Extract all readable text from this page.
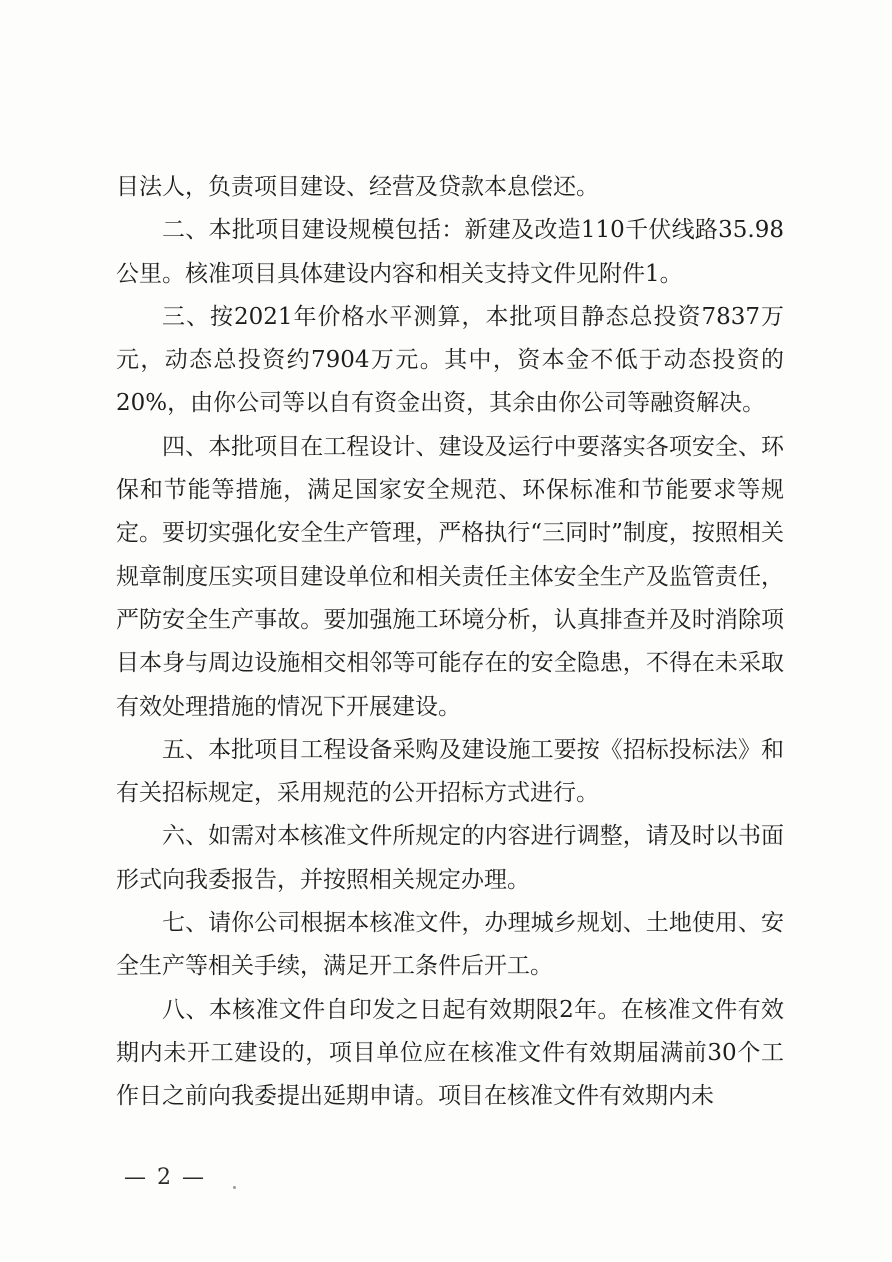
目法人，负责项目建设、经营及贷款本息偿还。

二、本批项目建设规模包括：新建及改造110千伏线路35.98公里。核准项目具体建设内容和相关支持文件见附件1。

三、按2021年价格水平测算，本批项目静态总投资7837万元，动态总投资约7904万元。其中，资本金不低于动态投资的20%，由你公司等以自有资金出资，其余由你公司等融资解决。

四、本批项目在工程设计、建设及运行中要落实各项安全、环保和节能等措施，满足国家安全规范、环保标准和节能要求等规定。要切实强化安全生产管理，严格执行“三同时”制度，按照相关规章制度压实项目建设单位和相关责任主体安全生产及监管责任，严防安全生产事故。要加强施工环境分析，认真排查并及时消除项目本身与周边设施相交相邻等可能存在的安全隐患，不得在未采取有效处理措施的情况下开展建设。

五、本批项目工程设备采购及建设施工要按《招标投标法》和有关招标规定，采用规范的公开招标方式进行。

六、如需对本核准文件所规定的内容进行调整，请及时以书面形式向我委报告，并按照相关规定办理。

七、请你公司根据本核准文件，办理城乡规划、土地使用、安全生产等相关手续，满足开工条件后开工。

八、本核准文件自印发之日起有效期限2年。在核准文件有效期内未开工建设的，项目单位应在核准文件有效期届满前30个工作日之前向我委提出延期申请。项目在核准文件有效期内未

— 2 —
